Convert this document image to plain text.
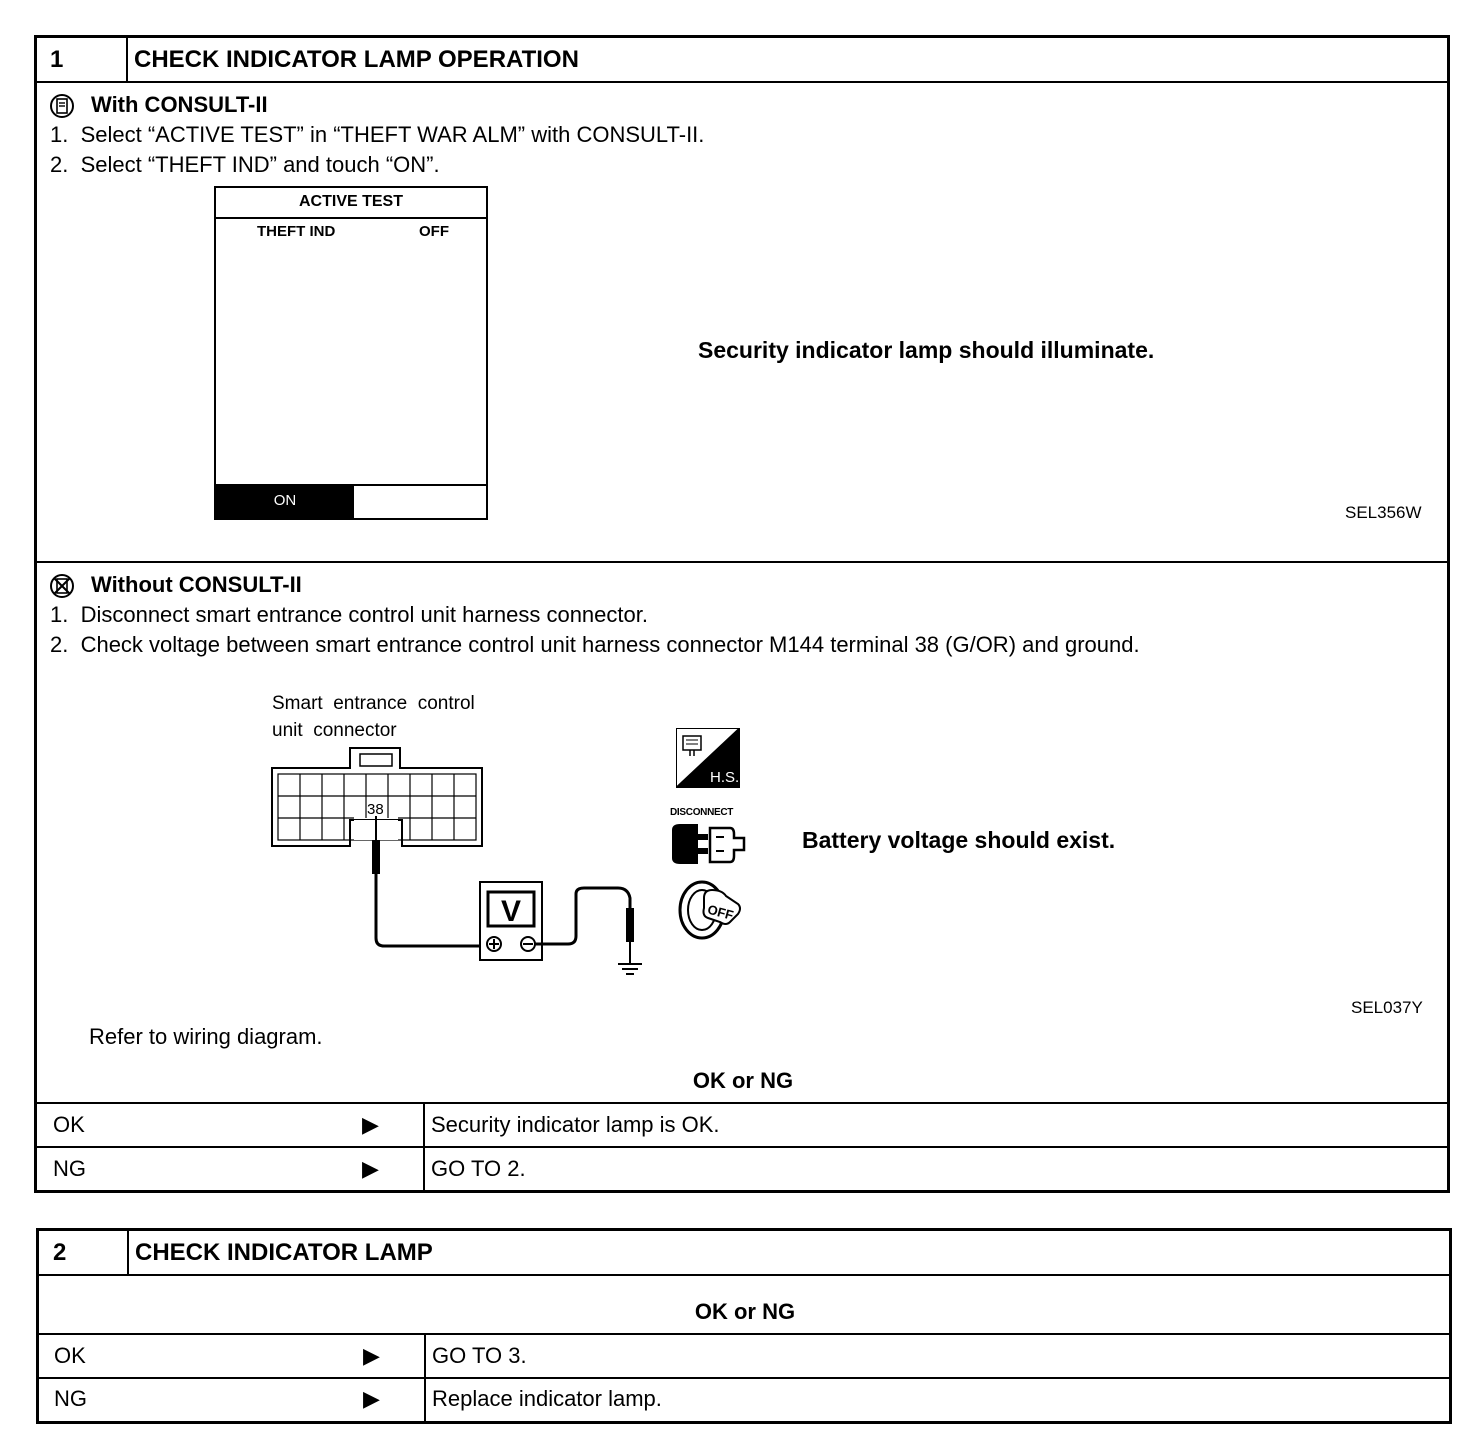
1	CHECK INDICATOR LAMP OPERATION
With CONSULT-II
1.  Select “ACTIVE TEST” in “THEFT WAR ALM” with CONSULT-II.
2.  Select “THEFT IND” and touch “ON”.
ACTIVE TEST
THEFT IND	OFF
ON
Security indicator lamp should illuminate.
SEL356W
Without CONSULT-II
1.  Disconnect smart entrance control unit harness connector.
2.  Check voltage between smart entrance control unit harness connector M144 terminal 38 (G/OR) and ground.
Smart  entrance  control
unit  connector
38
V
H.S.
DISCONNECT
OFF
Battery voltage should exist.
SEL037Y
Refer to wiring diagram.
OK or NG
OK	▶ Security indicator lamp is OK.
NG	▶ GO TO 2.
2	CHECK INDICATOR LAMP
OK or NG
OK	▶ GO TO 3.
NG	▶ Replace indicator lamp.
